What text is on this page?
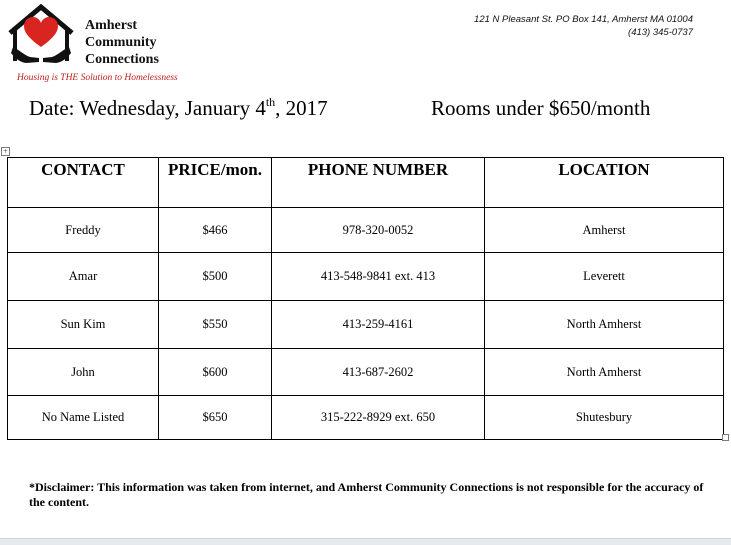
Amherst
Community
Connections
Housing is THE Solution to Homelessness
121 N Pleasant St. PO Box 141, Amherst MA 01004
(413) 345-0737
Date: Wednesday, January 4th, 2017	Rooms under $650/month
+
CONTACT	PRICE/mon.	PHONE NUMBER	LOCATION
Freddy	$466	978-320-0052	Amherst
Amar	$500	413-548-9841 ext. 413	Leverett
Sun Kim	$550	413-259-4161	North Amherst
John	$600	413-687-2602	North Amherst
No Name Listed	$650	315-222-8929 ext. 650	Shutesbury
*Disclaimer: This information was taken from internet, and Amherst Community Connections is not responsible for the accuracy of the content.
